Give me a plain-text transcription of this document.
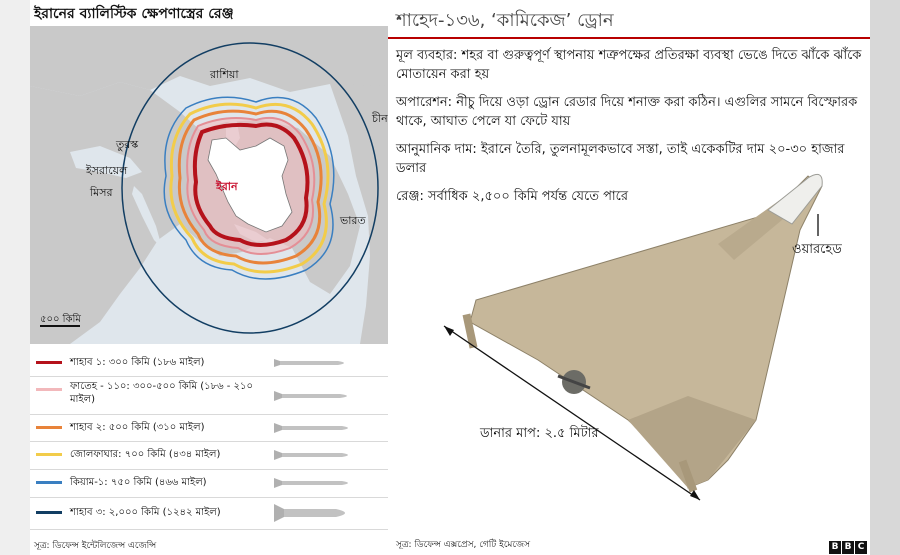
ইরানের ব্যালিস্টিক ক্ষেপণাস্ত্রের রেঞ্জ
রাশিয়া
চীন
তুরস্ক
ইসরায়েল
মিসর	ইরান
ভারত
৫০০ কিমি
শাহাব ১: ৩০০ কিমি (১৮৬ মাইল)
ফাতেহ - ১১০: ৩০০-৫০০ কিমি (১৮৬ - ২১০ মাইল)
শাহাব ২: ৫০০ কিমি (৩১০ মাইল)
জোলফাঘার: ৭০০ কিমি (৪৩৪ মাইল)
কিয়াম-১: ৭৫০ কিমি (৪৬৬ মাইল)
শাহাব ৩: ২,০০০ কিমি (১২৪২ মাইল)
সূত্র: ডিফেন্স ইন্টেলিজেন্স এজেন্সি
শাহেদ-১৩৬, ‘কামিকেজ’ ড্রোন

মূল ব্যবহার: শহর বা গুরুত্বপূর্ণ স্থাপনায় শত্রুপক্ষের প্রতিরক্ষা ব্যবস্থা ভেঙে দিতে ঝাঁকে ঝাঁকে মোতায়েন করা হয়

অপারেশন: নীচু দিয়ে ওড়া ড্রোন রেডার দিয়ে শনাক্ত করা কঠিন। এগুলির সামনে বিস্ফোরক থাকে, আঘাত পেলে যা ফেটে যায়

আনুমানিক দাম: ইরানে তৈরি, তুলনামূলকভাবে সস্তা, তাই একেকটির দাম ২০-৩০ হাজার ডলার

রেঞ্জ: সর্বাধিক ২,৫০০ কিমি পর্যন্ত যেতে পারে

ওয়ারহেড
ডানার মাপ: ২.৫ মিটার
সূত্র: ডিফেন্স এক্সপ্রেস, গেটি ইমেজেস	B B C
